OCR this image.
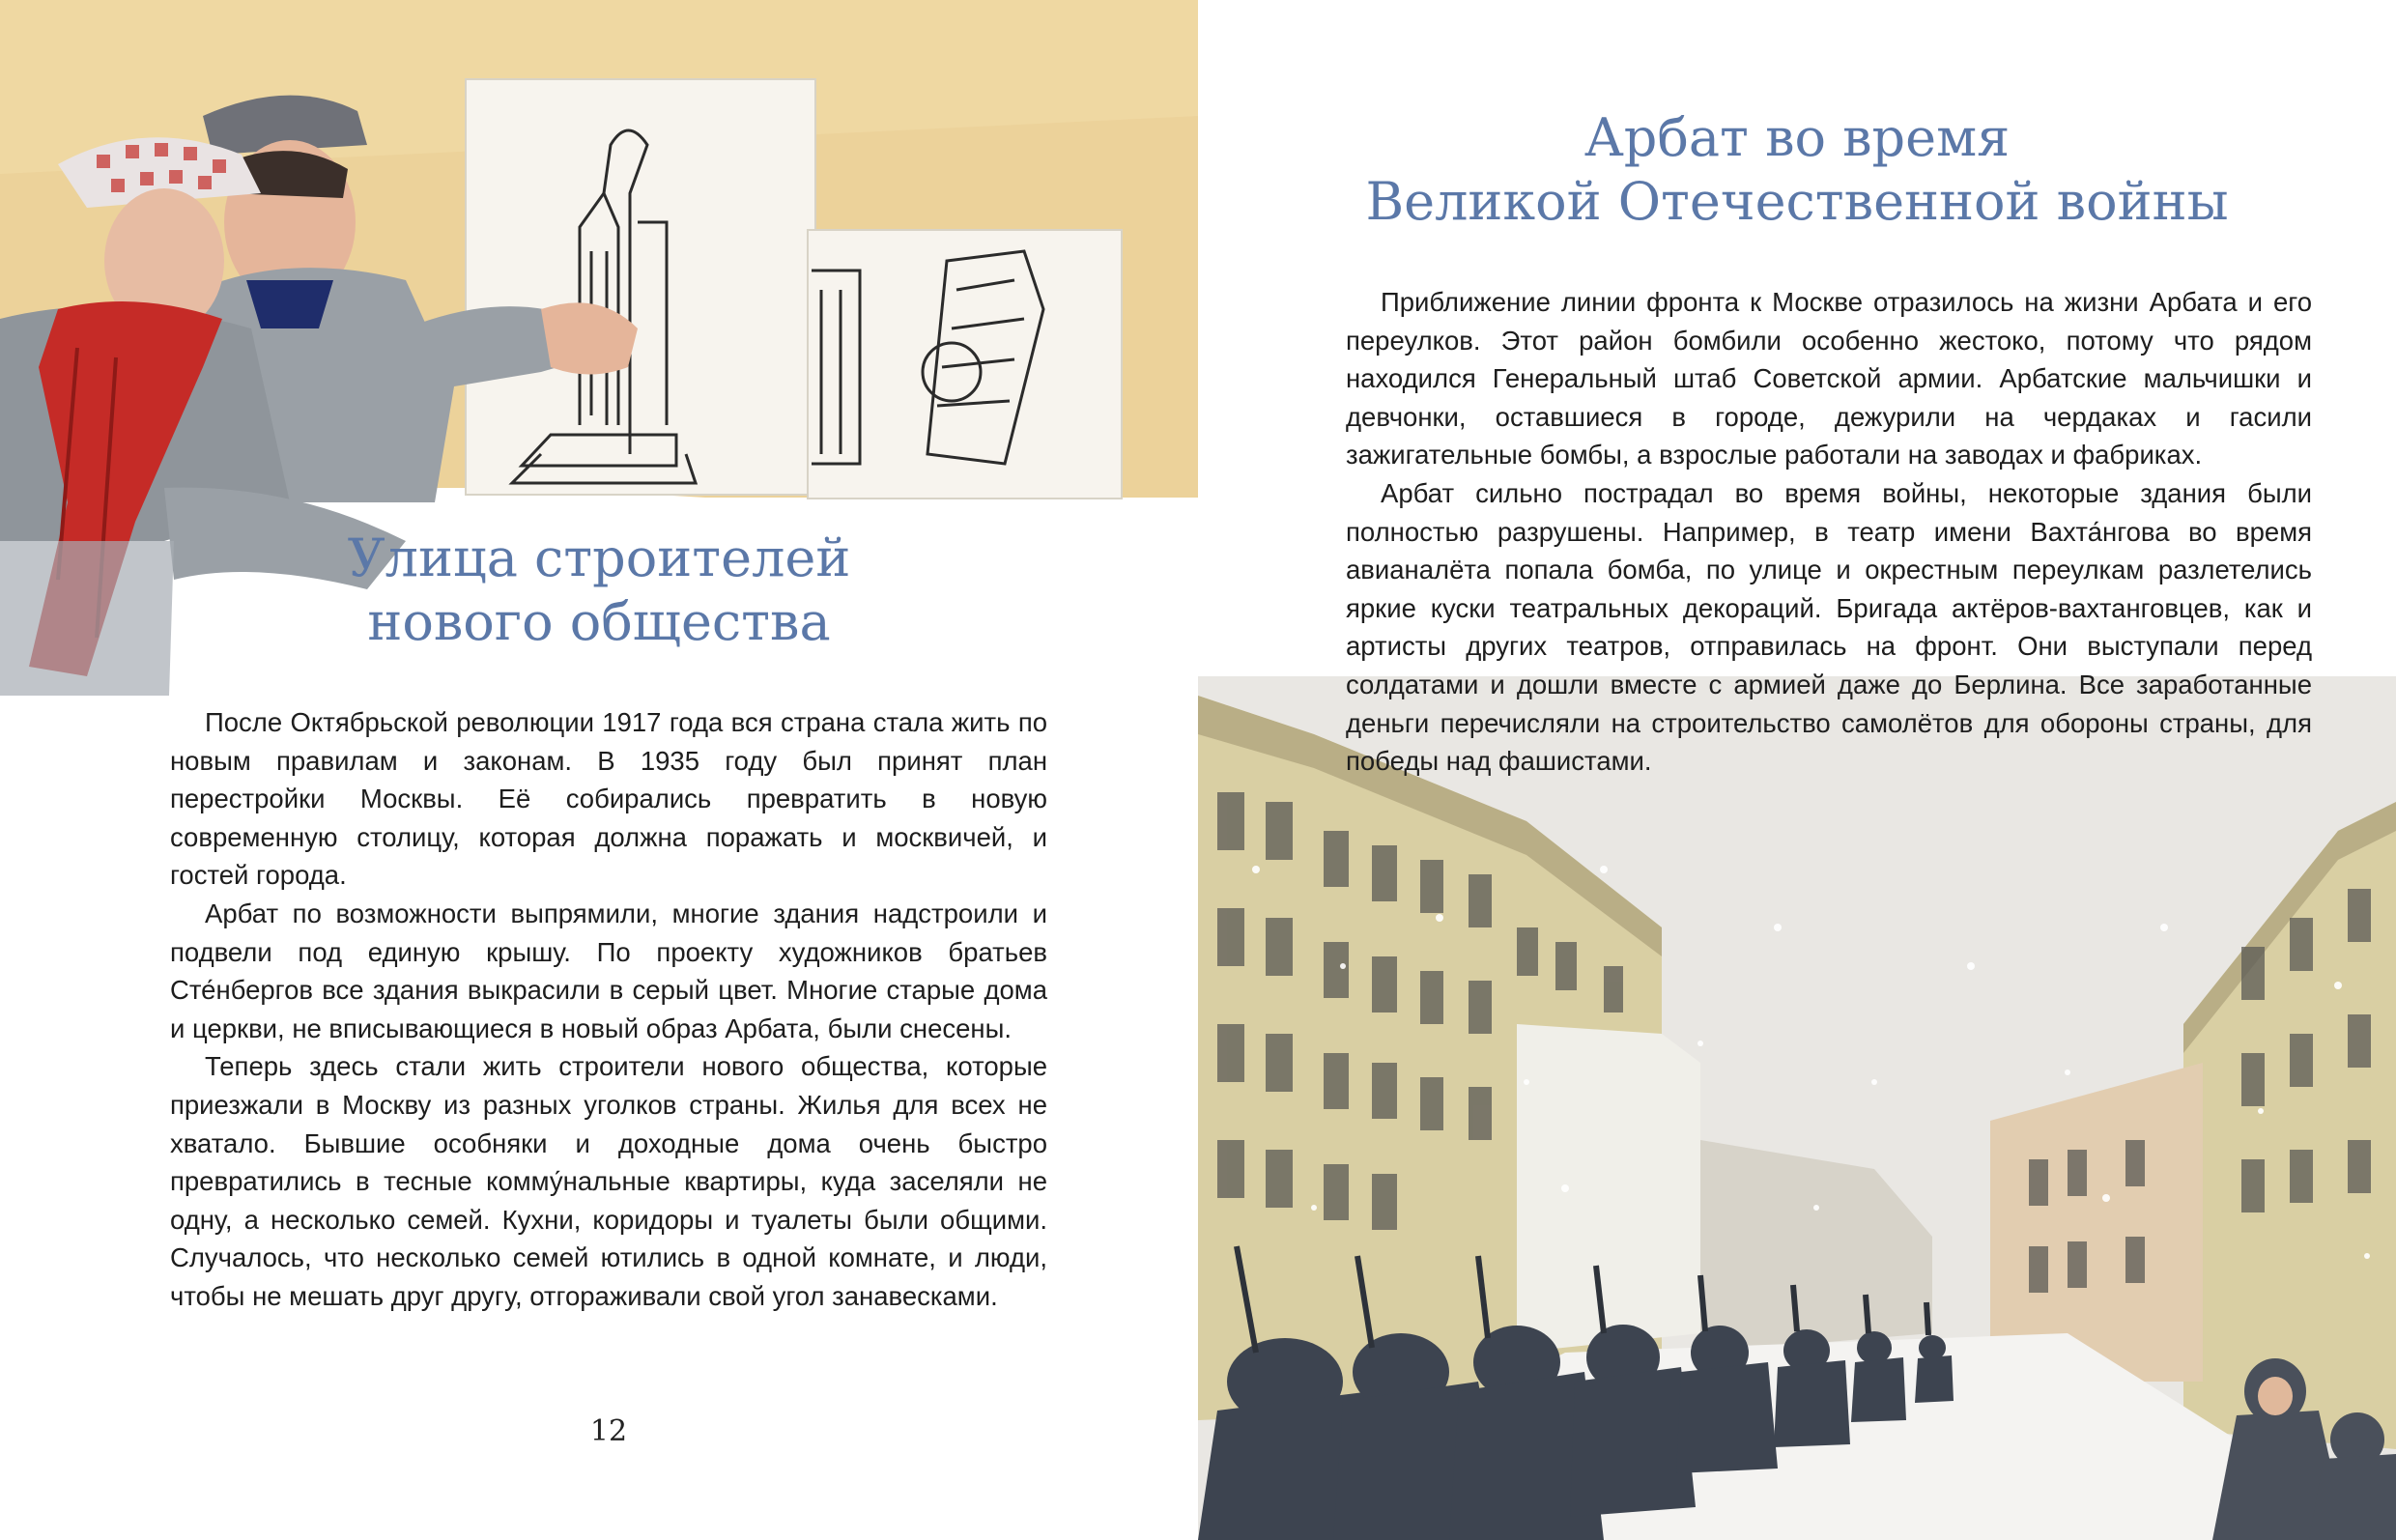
Улица строителей
нового общества

После Октябрьской революции 1917 года вся страна стала жить по новым правилам и законам. В 1935 году был принят план перестройки Москвы. Её собирались превратить в новую современную столицу, которая должна поражать и москвичей, и гостей города.

Арбат по возможности выпрямили, многие здания надстроили и подвели под единую крышу. По проекту художников братьев Сте́нбергов все здания выкрасили в серый цвет. Многие старые дома и церкви, не вписывающиеся в новый образ Арбата, были снесены.

Теперь здесь стали жить строители нового общества, которые приезжали в Москву из разных уголков страны. Жилья для всех не хватало. Бывшие особняки и доходные дома очень быстро превратились в тесные комму́нальные квартиры, куда заселяли не одну, а несколько семей. Кухни, коридоры и туалеты были общими. Случалось, что несколько семей ютились в одной комнате, и люди, чтобы не мешать друг другу, отгораживали свой угол занавесками.

12
Арбат во время
Великой Отечественной войны

Приближение линии фронта к Москве отразилось на жизни Арбата и его переулков. Этот район бомбили особенно жестоко, потому что рядом находился Генеральный штаб Советской армии. Арбатские мальчишки и девчонки, оставшиеся в городе, дежурили на чердаках и гасили зажигательные бомбы, а взрослые работали на заводах и фабриках.

Арбат сильно пострадал во время войны, некоторые здания были полностью разрушены. Например, в театр имени Вахта́нгова во время авианалёта попала бомба, по улице и окрестным переулкам разлетелись яркие куски театральных декораций. Бригада актёров-вахтанговцев, как и артисты других театров, отправилась на фронт. Они выступали перед солдатами и дошли вместе с армией даже до Берлина. Все заработанные деньги перечисляли на строительство самолётов для обороны страны, для победы над фашистами.
